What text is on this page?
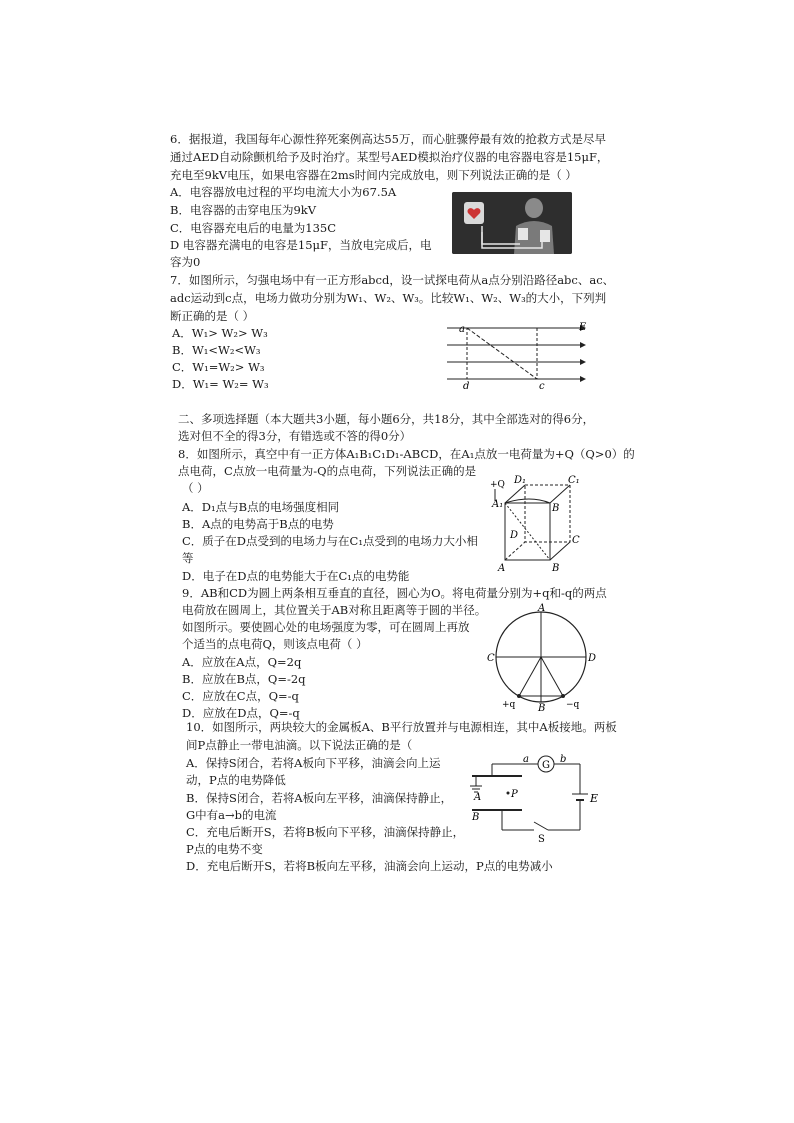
6．据报道，我国每年心源性猝死案例高达55万，而心脏骤停最有效的抢救方式是尽早
通过AED自动除颤机给予及时治疗。某型号AED模拟治疗仪器的电容器电容是15μF，
充电至9kV电压，如果电容器在2ms时间内完成放电，则下列说法正确的是（ ）
A．电容器放电过程的平均电流大小为67.5A
B．电容器的击穿电压为9kV
C．电容器充电后的电量为135C
D 电容器充满电的电容是15μF，当放电完成后，电
容为0
7．如图所示，匀强电场中有一正方形abcd，设一试探电荷从a点分别沿路径abc、ac、
adc运动到c点，电场力做功分别为W₁、W₂、W₃。比较W₁、W₂、W₃的大小，下列判
断正确的是（ ）
A．W₁> W₂> W₃
B．W₁<W₂<W₃
C．W₁=W₂> W₃
D．W₁= W₂= W₃
a
d	c
E
二、多项选择题（本大题共3小题，每小题6分，共18分，其中全部选对的得6分，
选对但不全的得3分，有错选或不答的得0分）
8．如图所示，真空中有一正方体A₁B₁C₁D₁-ABCD，在A₁点放一电荷量为+Q（Q>0）的
点电荷，C点放一电荷量为-Q的点电荷，下列说法正确的是
（ ）
A．D₁点与B点的电场强度相同
B．A点的电势高于B点的电势
C．质子在D点受到的电场力与在C₁点受到的电场力大小相
等
D．电子在D点的电势能大于在C₁点的电势能
+Q
A₁
D₁	C₁
B
D	C
A	B
9．AB和CD为圆上两条相互垂直的直径，圆心为O。将电荷量分别为+q和-q的两点
电荷放在圆周上，其位置关于AB对称且距离等于圆的半径。
如图所示。要使圆心处的电场强度为零，可在圆周上再放
个适当的点电荷Q，则该点电荷（ ）
A．应放在A点，Q=2q
B．应放在B点，Q=-2q
C．应放在C点，Q=-q
D．应放在D点，Q=-q
A
C	D
B
+q	−q
10．如图所示，两块较大的金属板A、B平行放置并与电源相连，其中A板接地。两板
间P点静止一带电油滴。以下说法正确的是（
A．保持S闭合，若将A板向下平移，油滴会向上运
动，P点的电势降低
B．保持S闭合，若将A板向左平移，油滴保持静止，
G中有a→b的电流
C．充电后断开S，若将B板向下平移，油滴保持静止，
P点的电势不变
D．充电后断开S，若将B板向左平移，油滴会向上运动，P点的电势减小
G
a	b
E
S
A
B
P
